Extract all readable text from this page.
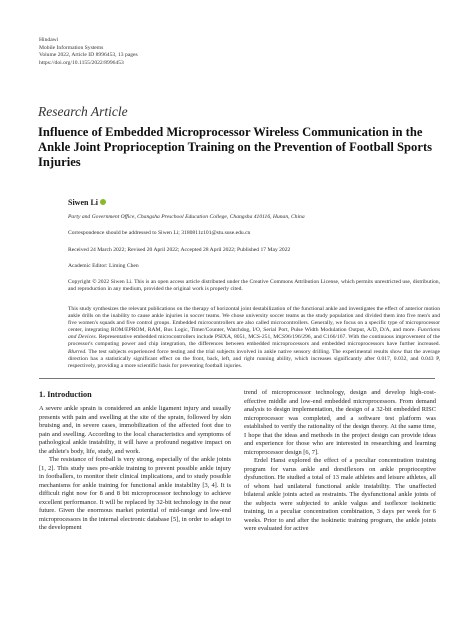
Hindawi
Mobile Information Systems
Volume 2022, Article ID 8996453, 13 pages
https://doi.org/10.1155/2022/8996453
Research Article
Influence of Embedded Microprocessor Wireless Communication in the Ankle Joint Proprioception Training on the Prevention of Football Sports Injuries
Siwen Li
Party and Government Office, Changsha Preschool Education College, Changsha 410116, Hunan, China
Correspondence should be addressed to Siwen Li; 3180811z101@stu.suse.edu.cn
Received 24 March 2022; Revised 20 April 2022; Accepted 28 April 2022; Published 17 May 2022
Academic Editor: Liming Chen
Copyright © 2022 Siwen Li. This is an open access article distributed under the Creative Commons Attribution License, which permits unrestricted use, distribution, and reproduction in any medium, provided the original work is properly cited.
This study synthesizes the relevant publications on the therapy of horizontal joint destabilization of the functional ankle and investigates the effect of anterior motion ankle drills on the inability to cause ankle injuries in soccer teams. We chose university soccer teams as the study population and divided them into five men's and five women's squads and five control groups. Embedded microcontrollers are also called microcontrollers. Generally, we focus on a specific type of microprocessor center, integrating ROM/EPROM, RAM, Bus Logic, Timer/Counter, Watchdog, I/O, Serial Port, Pulse Width Modulation Output, A/D, D/A, and more. Functions and Devices. Representative embedded microcontrollers include PSIXA, 8051, MCS-251, MCS96/196/296, and C166/167. With the continuous improvement of the processor's computing power and chip integration, the differences between embedded microprocessors and embedded microprocessors have further increased. Blurred. The test subjects experienced force testing and the trial subjects involved in ankle native sensory drilling. The experimental results show that the average direction has a statistically significant effect on the front, back, left, and right running ability, which increases significantly after 0.017, 0.032, and 0.043 P, respectively, providing a more scientific basis for preventing football injuries.
1. Introduction

A severe ankle sprain is considered an ankle ligament injury and usually presents with pain and swelling at the site of the sprain, followed by skin bruising and, in severe cases, immobilization of the affected foot due to pain and swelling. According to the local characteristics and symptoms of pathological ankle instability, it will have a profound negative impact on the athlete's body, life, study, and work.

The resistance of football is very strong, especially of the ankle joints [1, 2]. This study uses pre-ankle training to prevent possible ankle injury in footballers, to monitor their clinical implications, and to study possible mechanisms for ankle training for functional ankle instability [3, 4]. It is difficult right now for 8 and 8 bit microprocessor technology to achieve excellent performance. It will be replaced by 32-bit technology in the near future. Given the enormous market potential of mid-range and low-end microprocessors in the internal electronic database [5], in order to adapt to the development

trend of microprocessor technology, design and develop high-cost-effective middle and low-end embedded microprocessors. From demand analysis to design implementation, the design of a 32-bit embedded RISC microprocessor was completed, and a software test platform was established to verify the rationality of the design theory. At the same time, I hope that the ideas and methods in the project design can provide ideas and experience for those who are interested in researching and learning microprocessor design [6, 7].

Erdel Hansi explored the effect of a peculiar concentration training program for varus ankle and dorsiflexors on ankle proprioceptive dysfunction. He studied a total of 13 male athletes and leisure athletes, all of whom had unilateral functional ankle instability. The unaffected bilateral ankle joints acted as restraints. The dysfunctional ankle joints of the subjects were subjected to ankle valgus and isoflexor isokinetic training, in a peculiar concentration combination, 3 days per week for 6 weeks. Prior to and after the isokinetic training program, the ankle joints were evaluated for active
